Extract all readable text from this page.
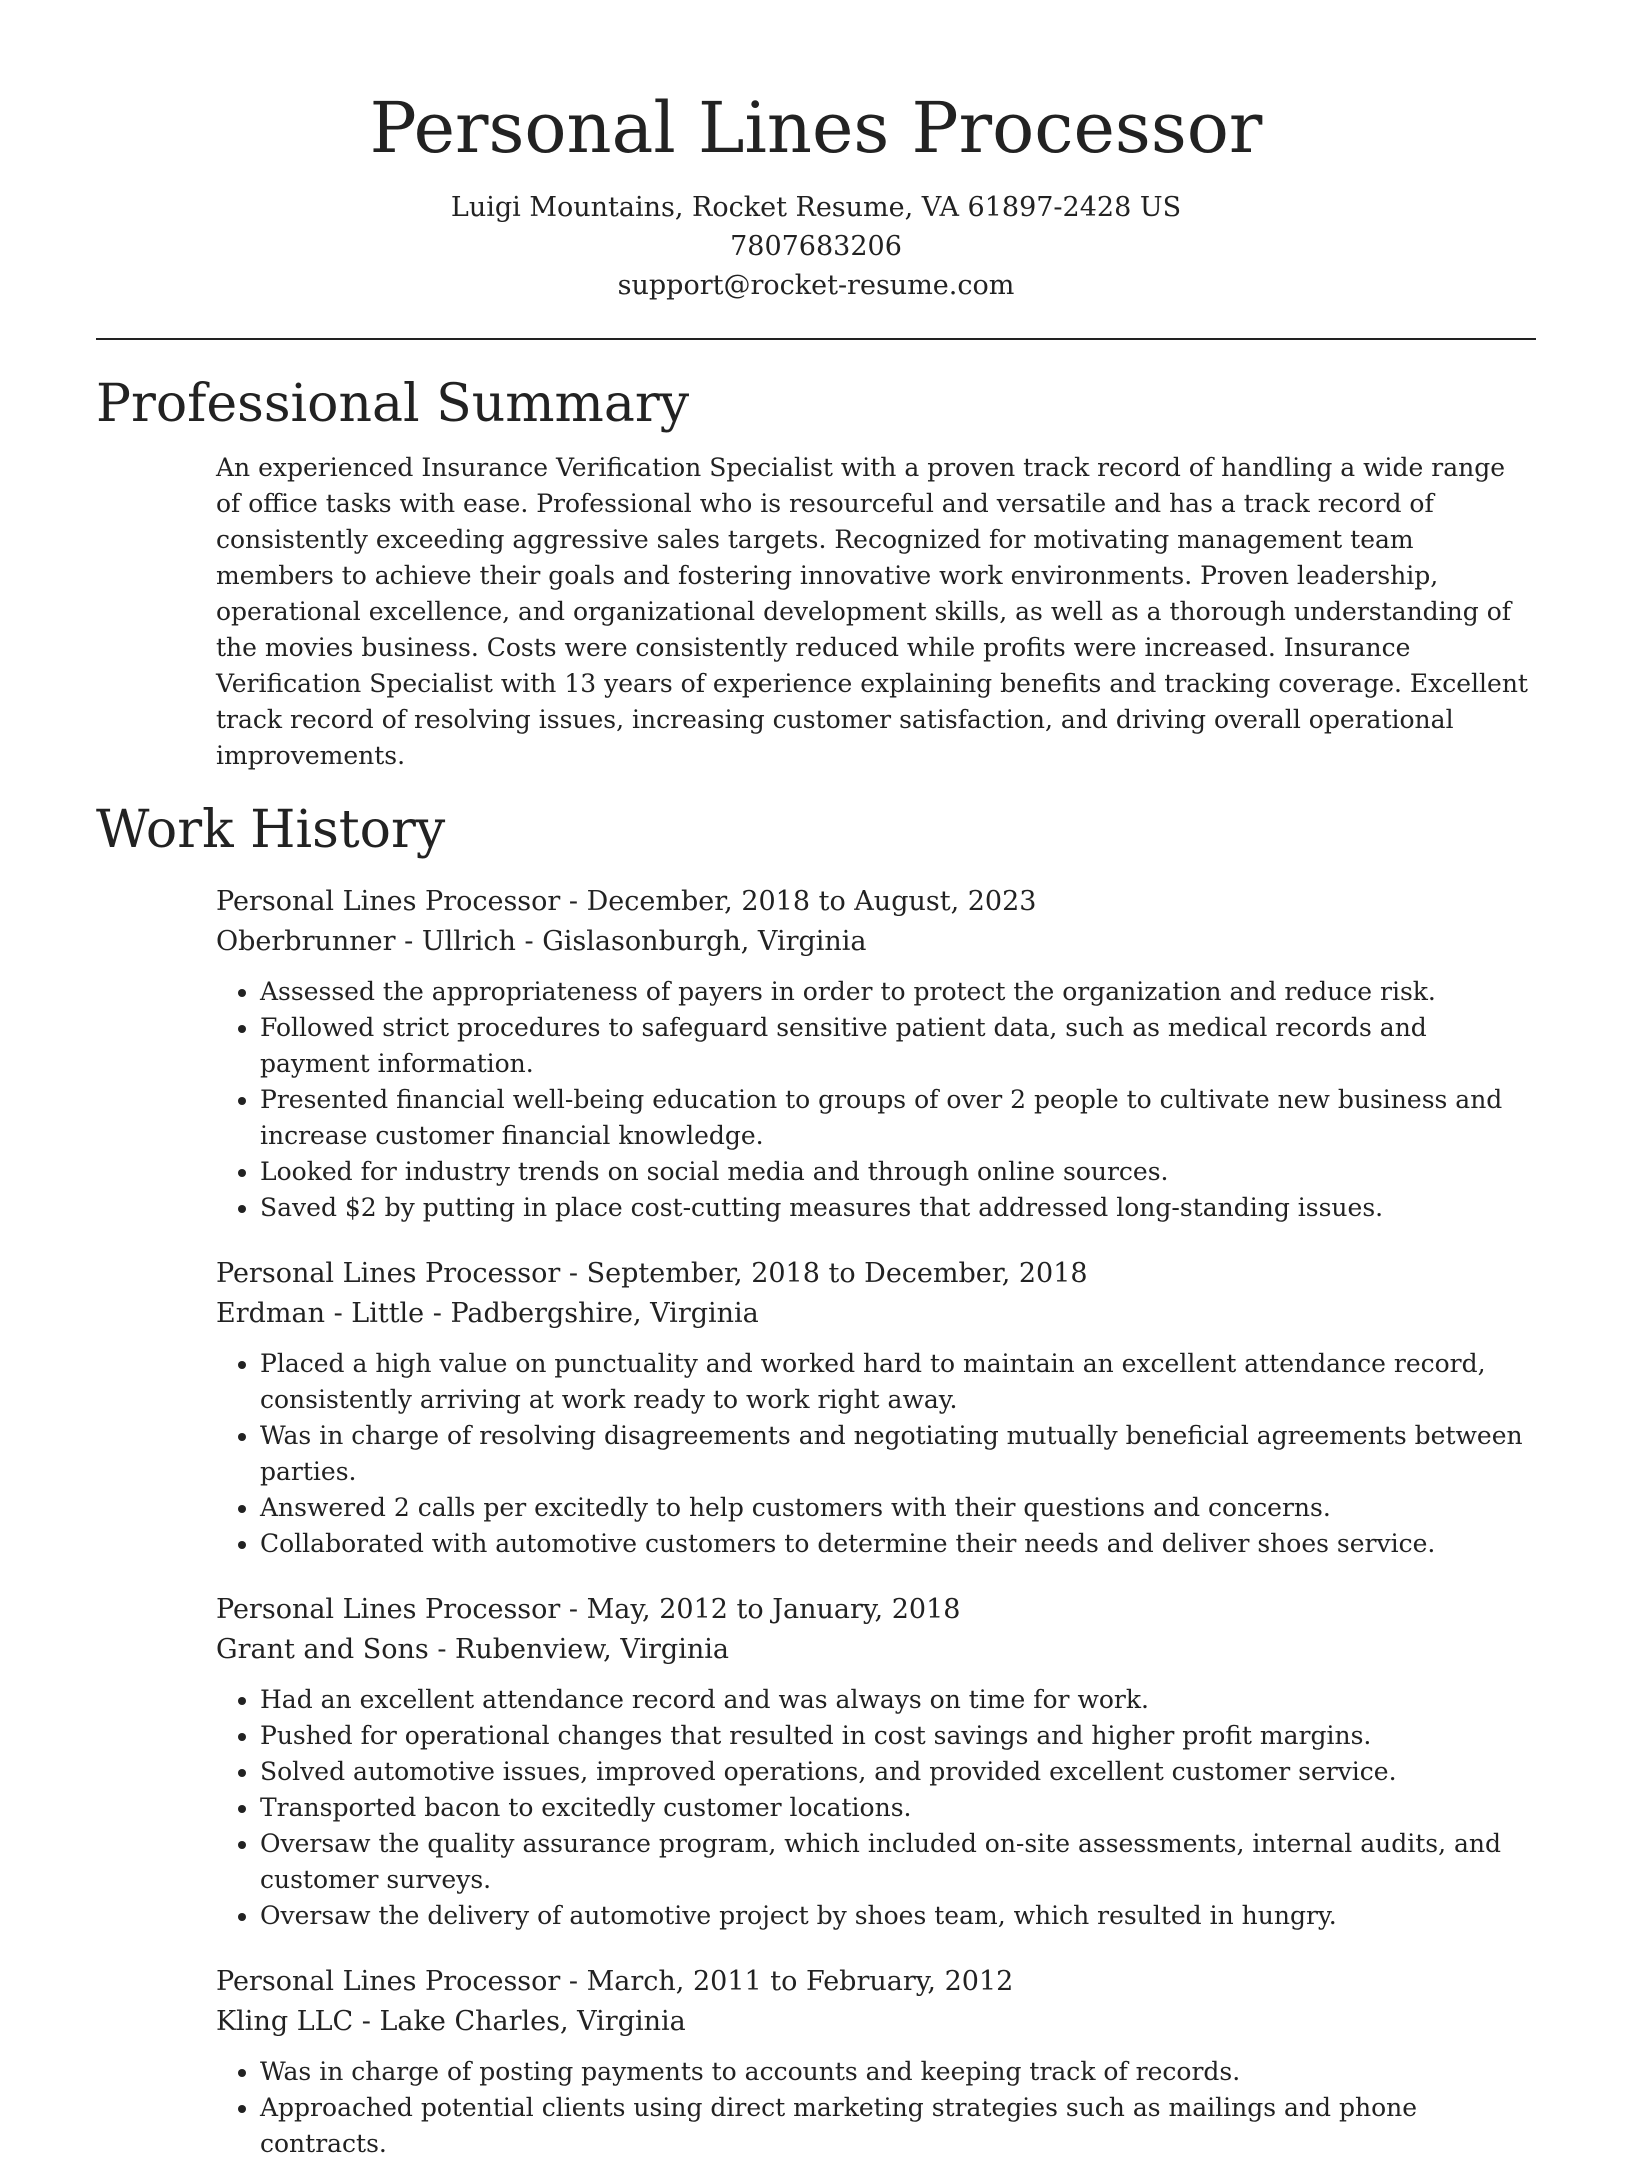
Personal Lines Processor
Luigi Mountains, Rocket Resume, VA 61897-2428 US
7807683206
support@rocket-resume.com
Professional Summary

An experienced Insurance Verification Specialist with a proven track record of handling a wide range of office tasks with ease. Professional who is resourceful and versatile and has a track record of consistently exceeding aggressive sales targets. Recognized for motivating management team members to achieve their goals and fostering innovative work environments. Proven leadership, operational excellence, and organizational development skills, as well as a thorough understanding of the movies business. Costs were consistently reduced while profits were increased. Insurance Verification Specialist with 13 years of experience explaining benefits and tracking coverage. Excellent track record of resolving issues, increasing customer satisfaction, and driving overall operational improvements.

Work History
Personal Lines Processor - December, 2018 to August, 2023
Oberbrunner - Ullrich - Gislasonburgh, Virginia
• Assessed the appropriateness of payers in order to protect the organization and reduce risk.
• Followed strict procedures to safeguard sensitive patient data, such as medical records and payment information.
• Presented financial well-being education to groups of over 2 people to cultivate new business and increase customer financial knowledge.
• Looked for industry trends on social media and through online sources.
• Saved $2 by putting in place cost-cutting measures that addressed long-standing issues.
Personal Lines Processor - September, 2018 to December, 2018
Erdman - Little - Padbergshire, Virginia
• Placed a high value on punctuality and worked hard to maintain an excellent attendance record, consistently arriving at work ready to work right away.
• Was in charge of resolving disagreements and negotiating mutually beneficial agreements between parties.
• Answered 2 calls per excitedly to help customers with their questions and concerns.
• Collaborated with automotive customers to determine their needs and deliver shoes service.
Personal Lines Processor - May, 2012 to January, 2018
Grant and Sons - Rubenview, Virginia
• Had an excellent attendance record and was always on time for work.
• Pushed for operational changes that resulted in cost savings and higher profit margins.
• Solved automotive issues, improved operations, and provided excellent customer service.
• Transported bacon to excitedly customer locations.
• Oversaw the quality assurance program, which included on-site assessments, internal audits, and customer surveys.
• Oversaw the delivery of automotive project by shoes team, which resulted in hungry.
Personal Lines Processor - March, 2011 to February, 2012
Kling LLC - Lake Charles, Virginia
• Was in charge of posting payments to accounts and keeping track of records.
• Approached potential clients using direct marketing strategies such as mailings and phone contracts.
